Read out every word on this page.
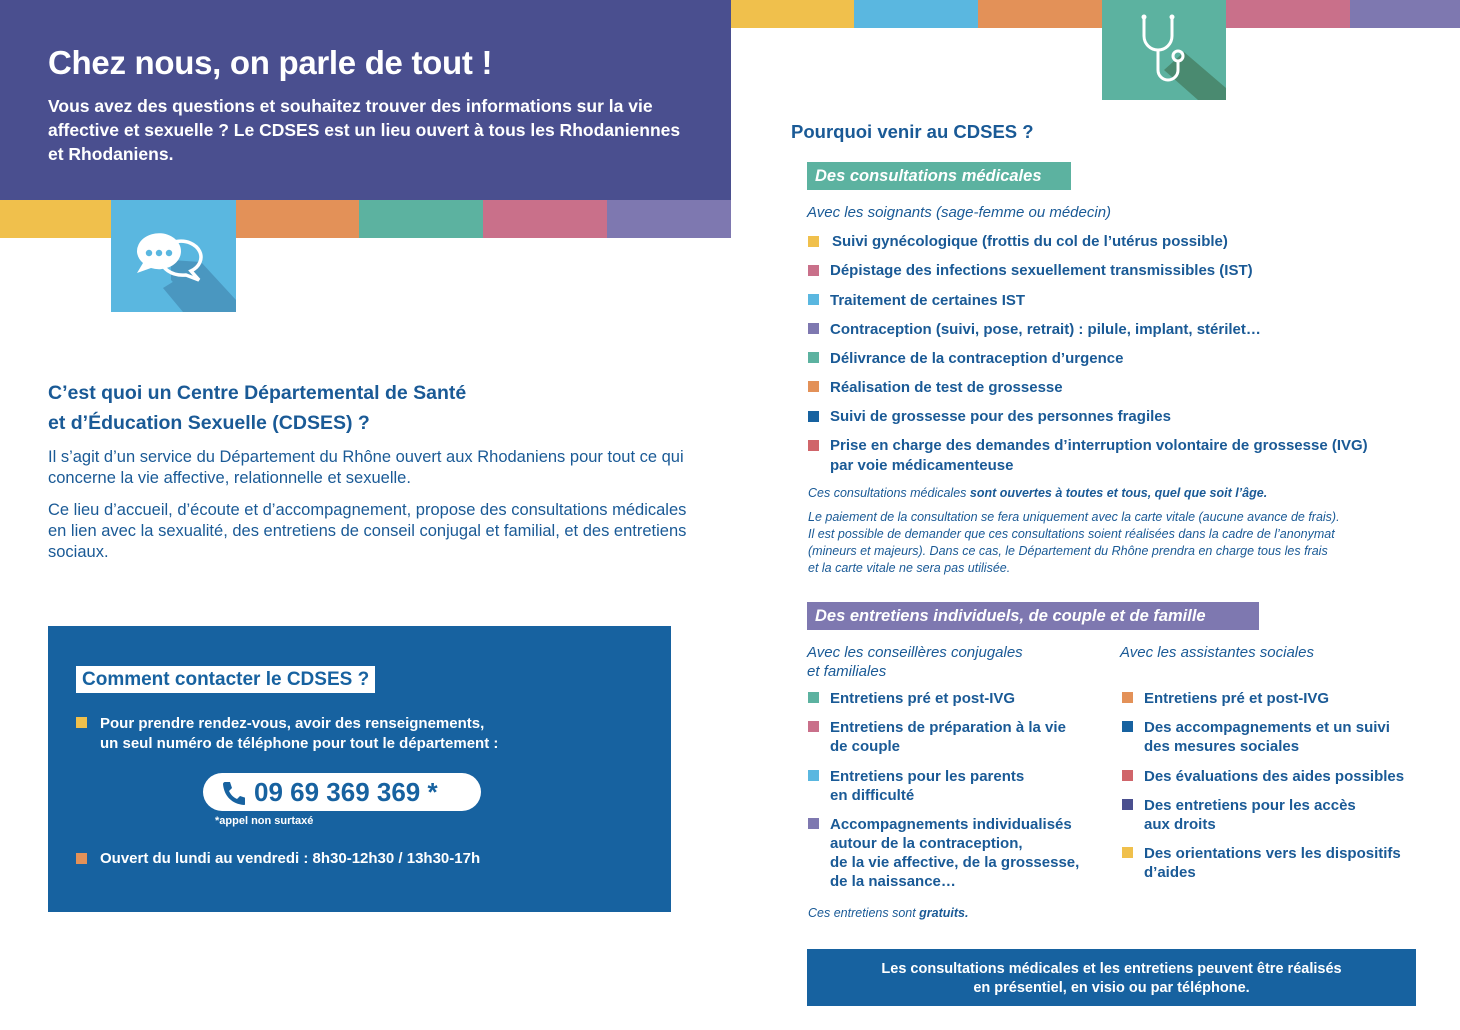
Chez nous, on parle de tout !
Vous avez des questions et souhaitez trouver des informations sur la vie affective et sexuelle ? Le CDSES est un lieu ouvert à tous les Rhodaniennes et Rhodaniens.
C’est quoi un Centre Départemental de Santé
et d’Éducation Sexuelle (CDSES) ?
Il s’agit d’un service du Département du Rhône ouvert aux Rhodaniens pour tout ce qui concerne la vie affective, relationnelle et sexuelle.
Ce lieu d’accueil, d’écoute et d’accompagnement, propose des consultations médicales en lien avec la sexualité, des entretiens de conseil conjugal et familial, et des entretiens sociaux.
Comment contacter le CDSES ?
Pour prendre rendez-vous, avoir des renseignements,
un seul numéro de téléphone pour tout le département :
09 69 369 369 *
*appel non surtaxé
Ouvert du lundi au vendredi : 8h30-12h30 / 13h30-17h
Pourquoi venir au CDSES ?
Des consultations médicales
Avec les soignants (sage-femme ou médecin)
Suivi gynécologique (frottis du col de l’utérus possible)
Dépistage des infections sexuellement transmissibles (IST)
Traitement de certaines IST
Contraception (suivi, pose, retrait) : pilule, implant, stérilet…
Délivrance de la contraception d’urgence
Réalisation de test de grossesse
Suivi de grossesse pour des personnes fragiles
Prise en charge des demandes d’interruption volontaire de grossesse (IVG)
par voie médicamenteuse
Ces consultations médicales sont ouvertes à toutes et tous, quel que soit l’âge.
Le paiement de la consultation se fera uniquement avec la carte vitale (aucune avance de frais).
Il est possible de demander que ces consultations soient réalisées dans la cadre de l’anonymat
(mineurs et majeurs). Dans ce cas, le Département du Rhône prendra en charge tous les frais
et la carte vitale ne sera pas utilisée.
Des entretiens individuels, de couple et de famille
Avec les conseillères conjugales
et familiales
Avec les assistantes sociales
Entretiens pré et post-IVG
Entretiens de préparation à la vie
de couple
Entretiens pour les parents
en difficulté
Accompagnements individualisés
autour de la contraception,
de la vie affective, de la grossesse,
de la naissance…
Entretiens pré et post-IVG
Des accompagnements et un suivi
des mesures sociales
Des évaluations des aides possibles
Des entretiens pour les accès
aux droits
Des orientations vers les dispositifs
d’aides
Ces entretiens sont gratuits.
Les consultations médicales et les entretiens peuvent être réalisés
en présentiel, en visio ou par téléphone.
